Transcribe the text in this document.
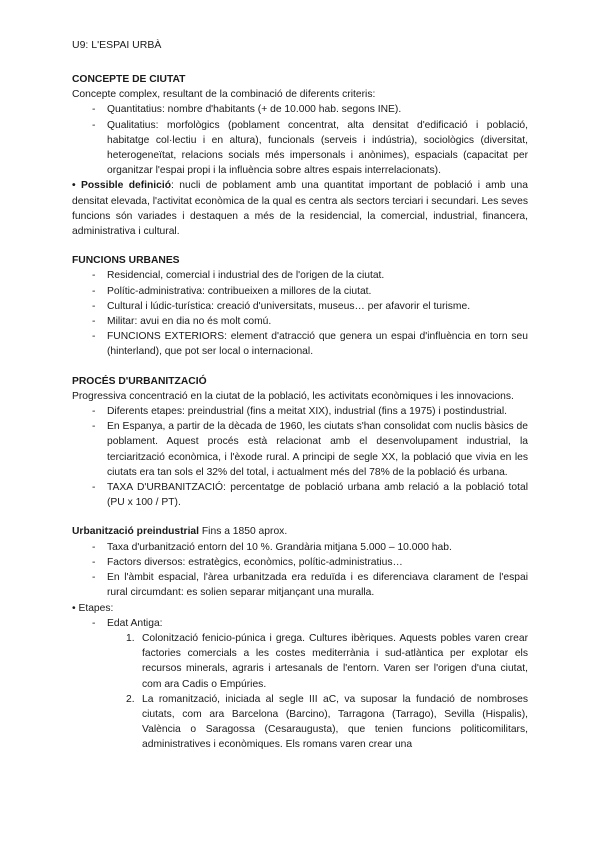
U9: L'ESPAI URBÀ

CONCEPTE DE CIUTAT

Concepte complex, resultant de la combinació de diferents criteris:

- Quantitatius: nombre d'habitants (+ de 10.000 hab. segons INE).
- Qualitatius: morfològics (poblament concentrat, alta densitat d'edificació i població, habitatge col·lectiu i en altura), funcionals (serveis i indústria), sociològics (diversitat, heterogeneïtat, relacions socials més impersonals i anònimes), espacials (capacitat per organitzar l'espai propi i la influència sobre altres espais interrelacionats).

• Possible definició: nucli de poblament amb una quantitat important de població i amb una densitat elevada, l'activitat econòmica de la qual es centra als sectors terciari i secundari. Les seves funcions són variades i destaquen a més de la residencial, la comercial, industrial, financera, administrativa i cultural.

FUNCIONS URBANES

- Residencial, comercial i industrial des de l'origen de la ciutat.
- Polític-administrativa: contribueixen a millores de la ciutat.
- Cultural i lúdic-turística: creació d'universitats, museus… per afavorir el turisme.
- Militar: avui en dia no és molt comú.
- FUNCIONS EXTERIORS: element d'atracció que genera un espai d'influència en torn seu (hinterland), que pot ser local o internacional.

PROCÉS D'URBANITZACIÓ

Progressiva concentració en la ciutat de la població, les activitats econòmiques i les innovacions.

- Diferents etapes: preindustrial (fins a meitat XIX), industrial (fins a 1975) i postindustrial.
- En Espanya, a partir de la dècada de 1960, les ciutats s'han consolidat com nuclis bàsics de poblament. Aquest procés està relacionat amb el desenvolupament industrial, la terciarització econòmica, i l'èxode rural. A principi de segle XX, la població que vivia en les ciutats era tan sols el 32% del total, i actualment més del 78% de la població és urbana.
- TAXA D'URBANITZACIÓ: percentatge de població urbana amb relació a la població total (PU x 100 / PT).

Urbanització preindustrial Fins a 1850 aprox.

- Taxa d'urbanització entorn del 10 %. Grandària mitjana 5.000 – 10.000 hab.
- Factors diversos: estratègics, econòmics, polític-administratius…
- En l'àmbit espacial, l'àrea urbanitzada era reduïda i es diferenciava clarament de l'espai rural circumdant: es solien separar mitjançant una muralla.

• Etapes:

- Edat Antiga:
1. Colonització fenicio-púnica i grega. Cultures ibèriques. Aquests pobles varen crear factories comercials a les costes mediterrània i sud-atlàntica per explotar els recursos minerals, agraris i artesanals de l'entorn. Varen ser l'origen d'una ciutat, com ara Cadis o Empúries.
2. La romanització, iniciada al segle III aC, va suposar la fundació de nombroses ciutats, com ara Barcelona (Barcino), Tarragona (Tarrago), Sevilla (Hispalis), València o Saragossa (Cesaraugusta), que tenien funcions politicomilitars, administratives i econòmiques. Els romans varen crear una
